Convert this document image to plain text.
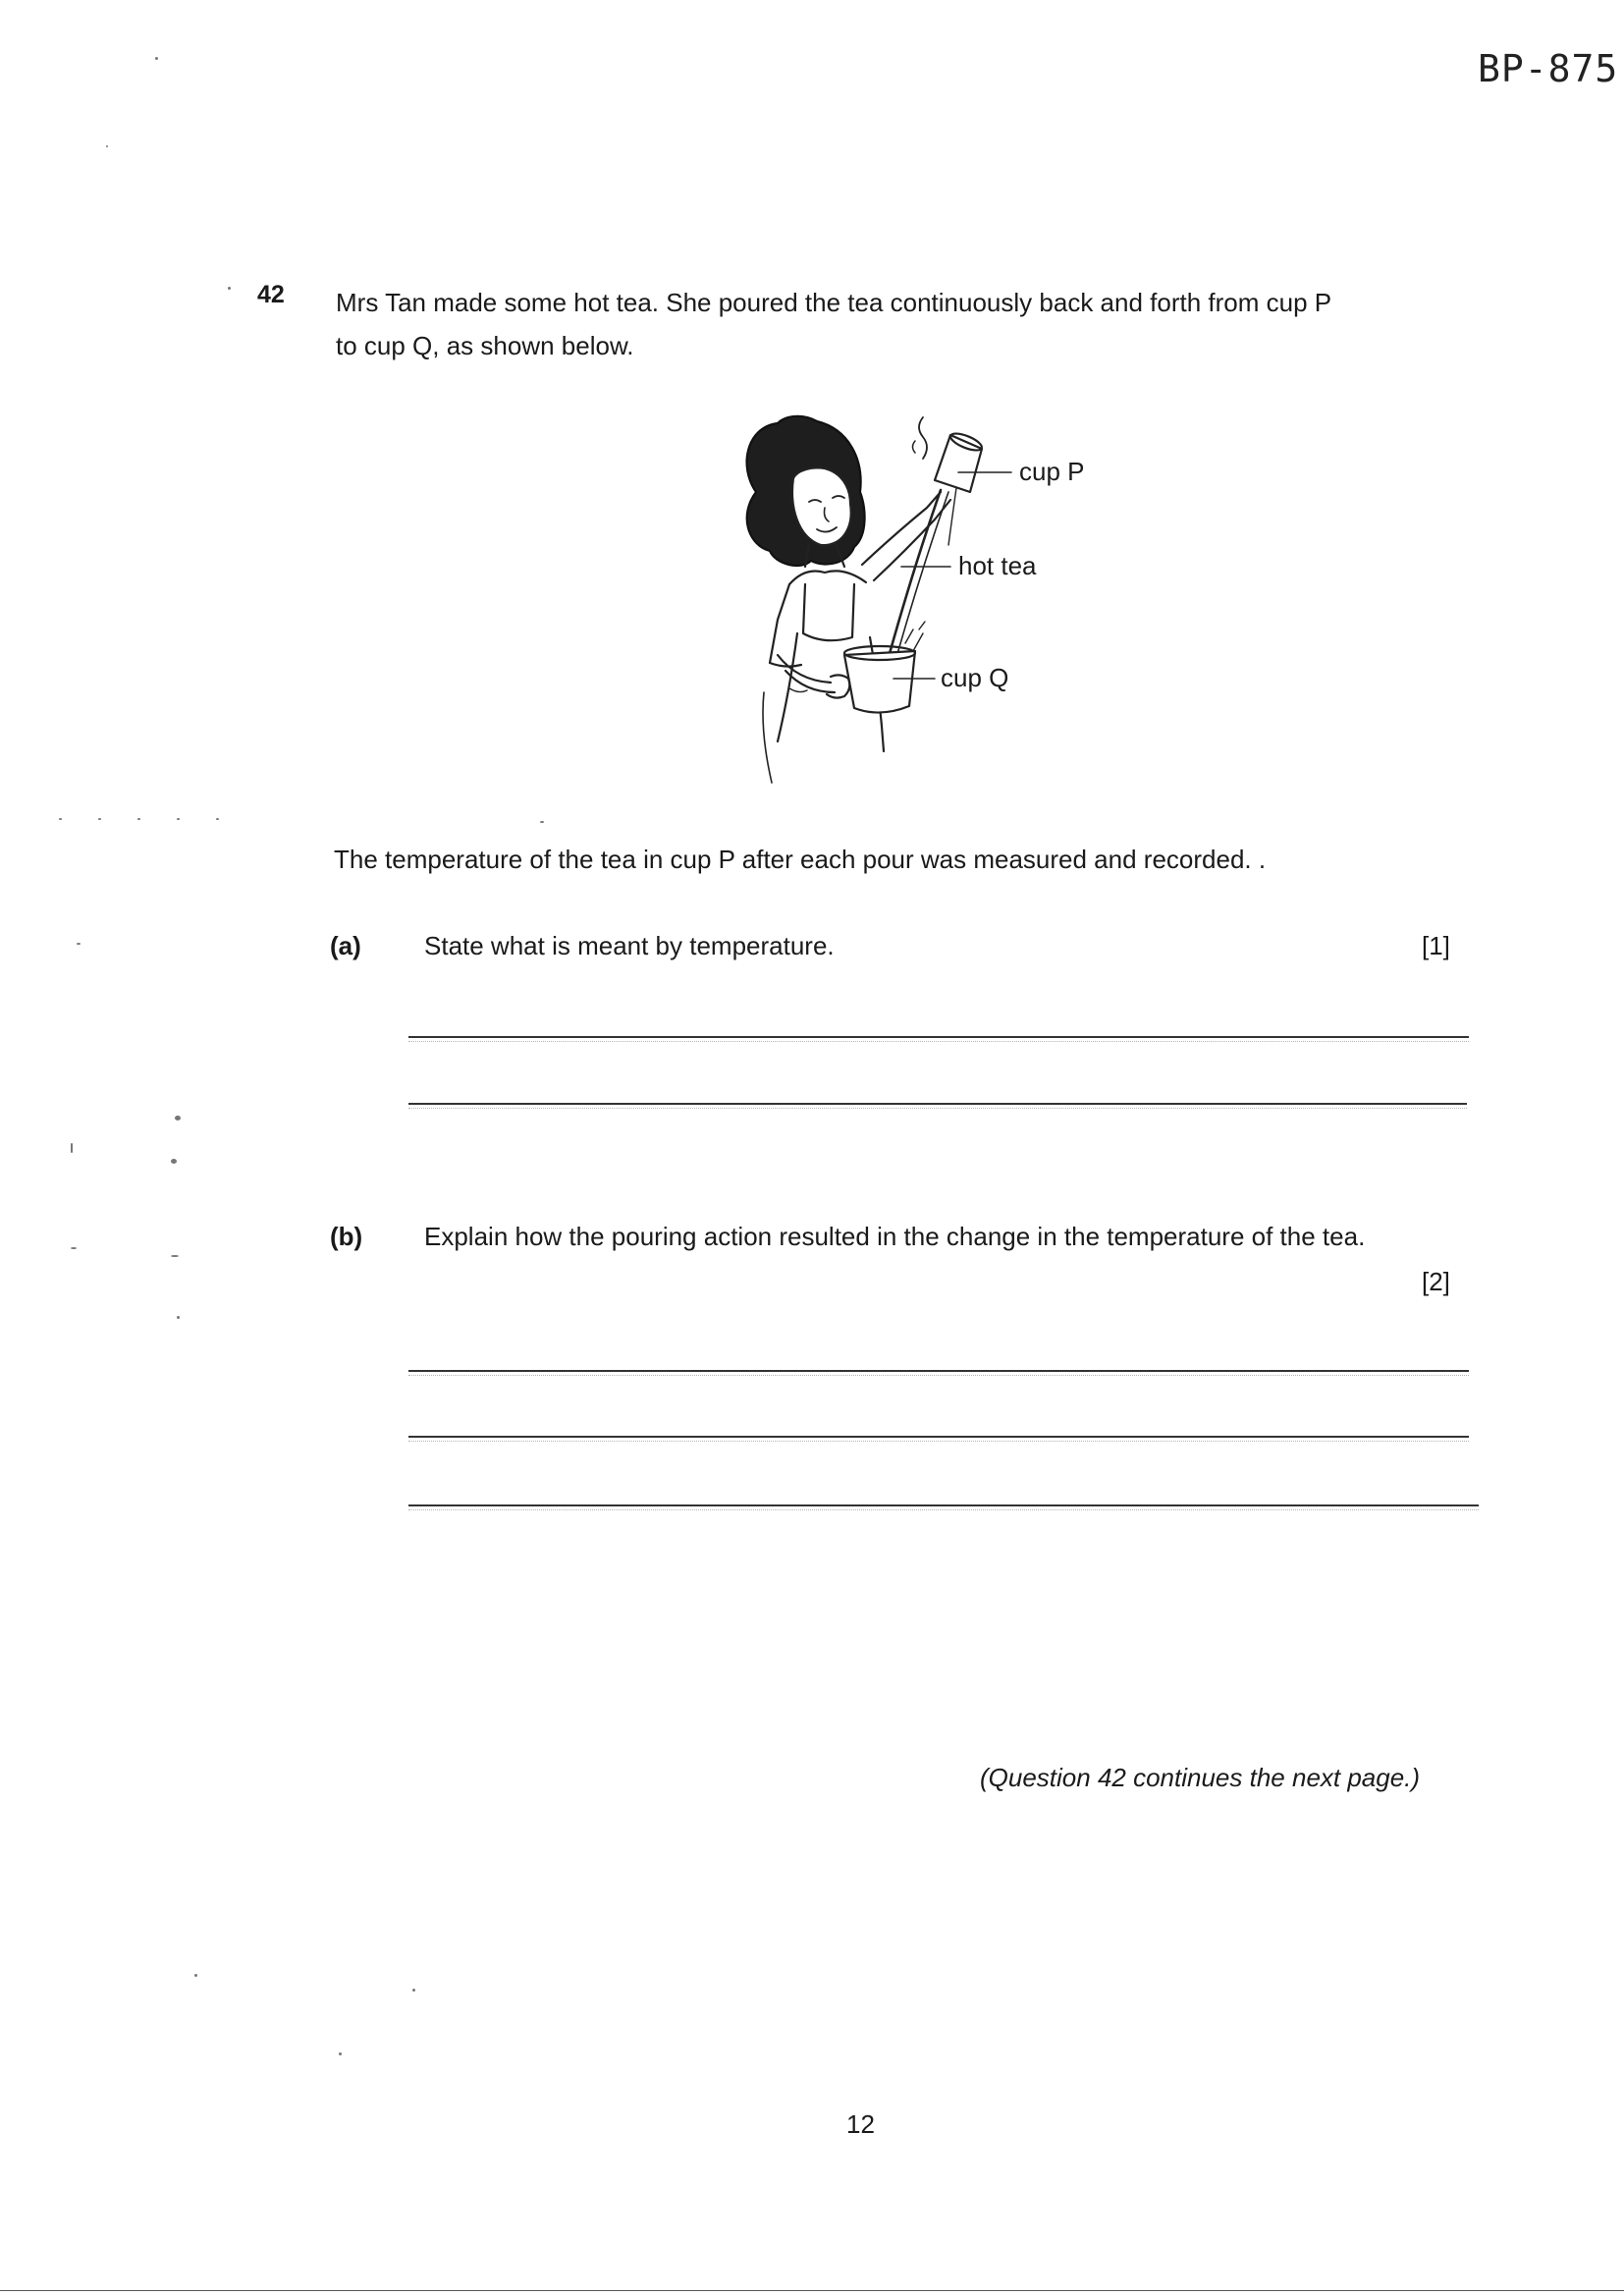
BP-875
42 Mrs Tan made some hot tea. She poured the tea continuously back and forth from cup P
to cup Q, as shown below.
cup P
hot tea
cup Q
The temperature of the tea in cup P after each pour was measured and recorded. .
(a) State what is meant by temperature.	[1]
(b) Explain how the pouring action resulted in the change in the temperature of the tea.
[2]
(Question 42 continues the next page.)
12
